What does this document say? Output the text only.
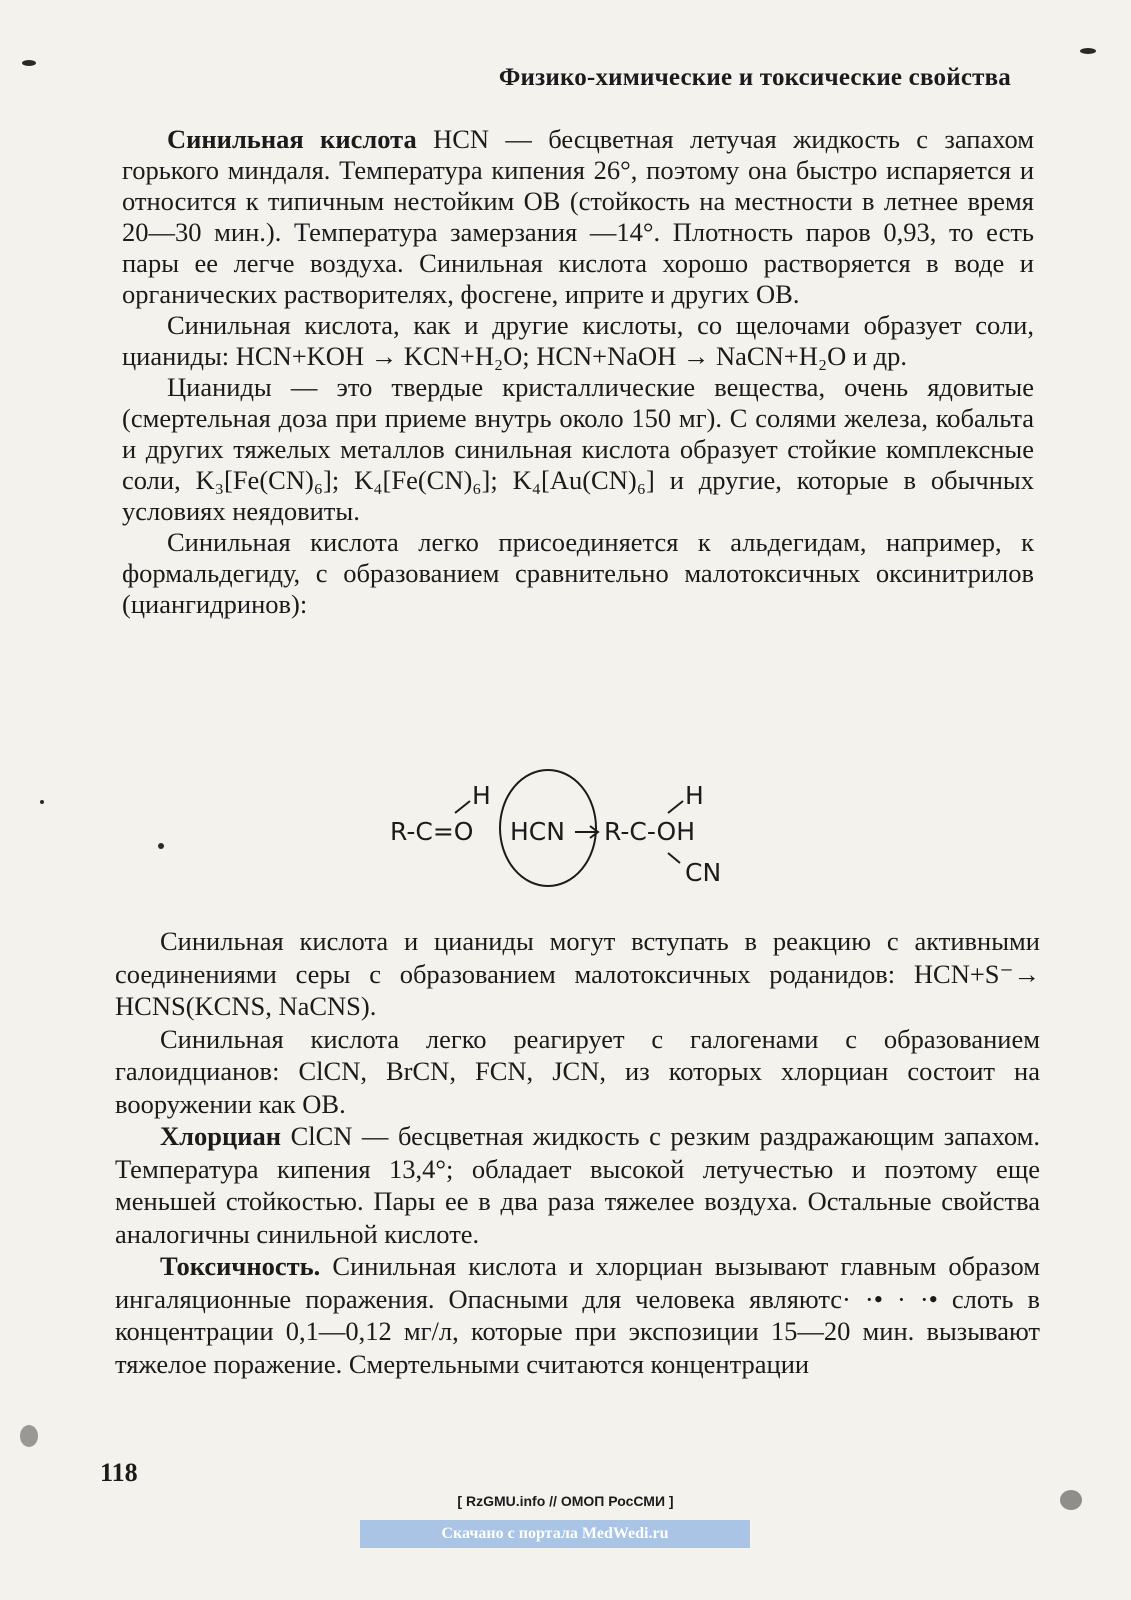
Физико-химические и токсические свойства

Синильная кислота HCN — бесцветная летучая жидкость с запахом горького миндаля. Температура кипения 26°, поэтому она быстро испаряется и относится к типичным нестойким ОВ (стойкость на местности в летнее время 20—30 мин.). Температура замерзания —14°. Плотность паров 0,93, то есть пары ее легче воздуха. Синильная кислота хорошо растворяется в воде и органических растворителях, фосгене, иприте и других ОВ.

Синильная кислота, как и другие кислоты, со щелочами образует соли, цианиды: HCN+KOH → KCN+H₂O; HCN+NaOH → NaCN+H₂O и др.

Цианиды — это твердые кристаллические вещества, очень ядовитые (смертельная доза при приеме внутрь около 150 мг). С солями железа, кобальта и других тяжелых металлов синильная кислота образует стойкие комплексные соли, K₃[Fe(CN)₆]; K₄[Fe(CN)₆]; K₄[Au(CN)₆] и другие, которые в обычных условиях неядовиты.

Синильная кислота легко присоединяется к альдегидам, например, к формальдегиду, с образованием сравнительно малотоксичных оксинитрилов (циангидринов):

R-C=O
H
HCN R-C-OH
H
CN

Синильная кислота и цианиды могут вступать в реакцию с активными соединениями серы с образованием малотоксичных роданидов: HCN+S⁻→ HCNS(KCNS, NaCNS).

Синильная кислота легко реагирует с галогенами с образованием галоидцианов: ClCN, BrCN, FCN, JCN, из которых хлорциан состоит на вооружении как ОВ.

Хлорциан ClCN — бесцветная жидкость с резким раздражающим запахом. Температура кипения 13,4°; обладает высокой летучестью и поэтому еще меньшей стойкостью. Пары ее в два раза тяжелее воздуха. Остальные свойства аналогичны синильной кислоте.

Токсичность. Синильная кислота и хлорциан вызывают главным образом ингаляционные поражения. Опасными для человека являютс· ·• · ·• слоть в концентрации 0,1—0,12 мг/л, которые при экспозиции 15—20 мин. вызывают тяжелое поражение. Смертельными считаются концентрации

118
[ RzGMU.info // ОМОП РосСМИ ]
Скачано с портала MedWedi.ru
